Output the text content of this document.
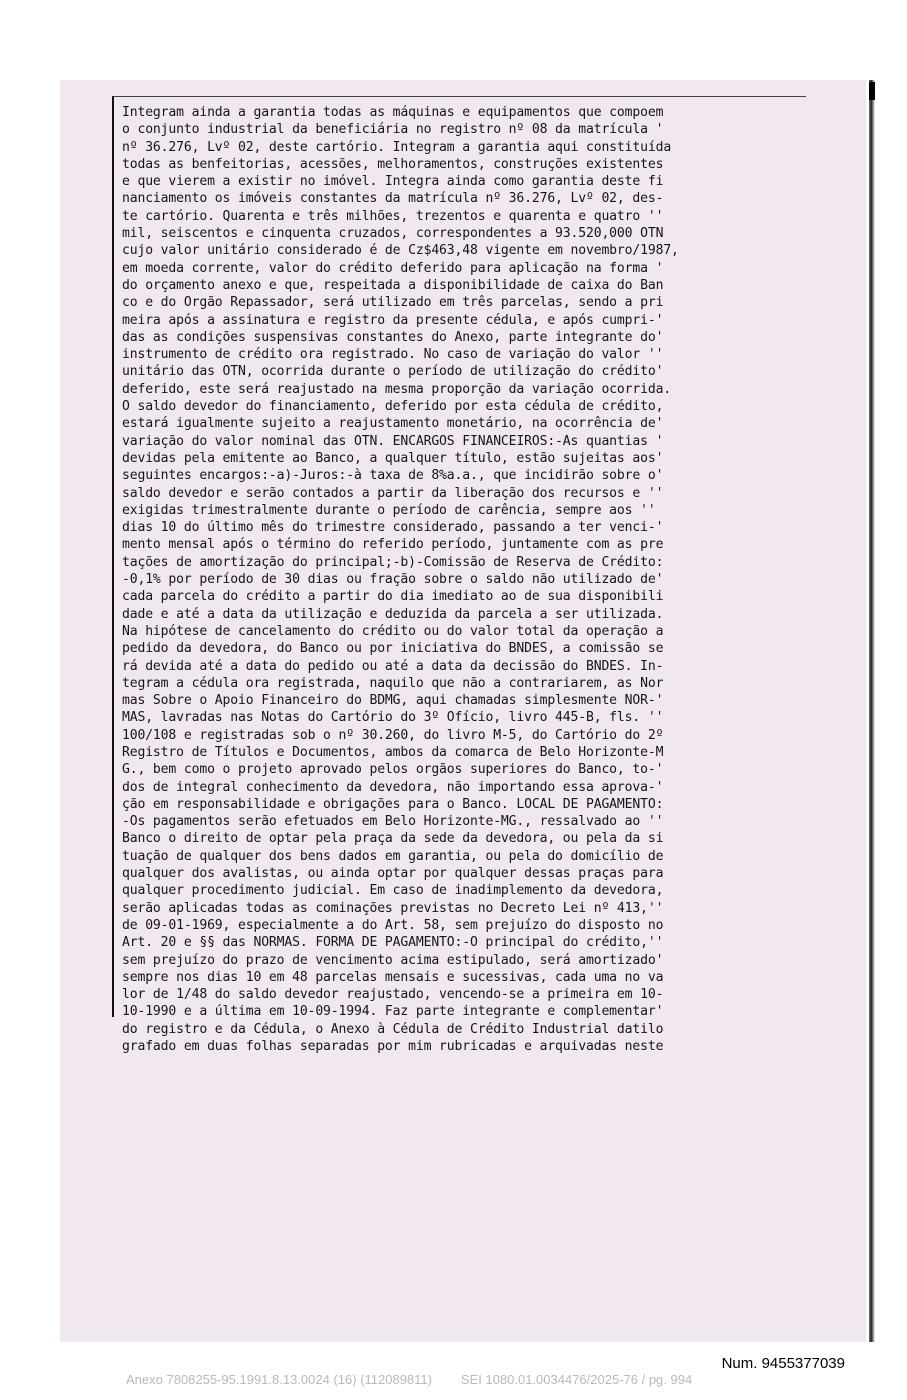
Integram ainda a garantia todas as máquinas e equipamentos que compoem
o conjunto industrial da beneficiária no registro nº 08 da matrícula '
nº 36.276, Lvº 02, deste cartório. Integram a garantia aqui constituída
todas as benfeitorias, acessões, melhoramentos, construções existentes
e que vierem a existir no imóvel. Integra ainda como garantia deste fi
nanciamento os imóveis constantes da matrícula nº 36.276, Lvº 02, des-
te cartório. Quarenta e três milhões, trezentos e quarenta e quatro ''
mil, seiscentos e cinquenta cruzados, correspondentes a 93.520,000 OTN
cujo valor unitário considerado é de Cz$463,48 vigente em novembro/1987,
em moeda corrente, valor do crédito deferido para aplicação na forma '
do orçamento anexo e que, respeitada a disponibilidade de caixa do Ban
co e do Orgão Repassador, será utilizado em três parcelas, sendo a pri
meira após a assinatura e registro da presente cédula, e após cumpri-'
das as condições suspensivas constantes do Anexo, parte integrante do'
instrumento de crédito ora registrado. No caso de variação do valor ''
unitário das OTN, ocorrida durante o período de utilização do crédito'
deferido, este será reajustado na mesma proporção da variação ocorrida.
O saldo devedor do financiamento, deferido por esta cédula de crédito,
estará igualmente sujeito a reajustamento monetário, na ocorrência de'
variação do valor nominal das OTN. ENCARGOS FINANCEIROS:-As quantias '
devidas pela emitente ao Banco, a qualquer título, estão sujeitas aos'
seguintes encargos:-a)-Juros:-à taxa de 8%a.a., que incidirão sobre o'
saldo devedor e serão contados a partir da liberação dos recursos e ''
exigidas trimestralmente durante o período de carência, sempre aos ''
dias 10 do último mês do trimestre considerado, passando a ter venci-'
mento mensal após o término do referido período, juntamente com as pre
tações de amortização do principal;-b)-Comissão de Reserva de Crédito:
-0,1% por período de 30 dias ou fração sobre o saldo não utilizado de'
cada parcela do crédito a partir do dia imediato ao de sua disponibili
dade e até a data da utilização e deduzida da parcela a ser utilizada.
Na hipótese de cancelamento do crédito ou do valor total da operação a
pedido da devedora, do Banco ou por iniciativa do BNDES, a comissão se
rá devida até a data do pedido ou até a data da decissão do BNDES. In-
tegram a cédula ora registrada, naquilo que não a contrariarem, as Nor
mas Sobre o Apoio Financeiro do BDMG, aqui chamadas simplesmente NOR-'
MAS, lavradas nas Notas do Cartório do 3º Ofício, livro 445-B, fls. ''
100/108 e registradas sob o nº 30.260, do livro M-5, do Cartório do 2º
Registro de Títulos e Documentos, ambos da comarca de Belo Horizonte-M
G., bem como o projeto aprovado pelos orgãos superiores do Banco, to-'
dos de integral conhecimento da devedora, não importando essa aprova-'
ção em responsabilidade e obrigações para o Banco. LOCAL DE PAGAMENTO:
-Os pagamentos serão efetuados em Belo Horizonte-MG., ressalvado ao ''
Banco o direito de optar pela praça da sede da devedora, ou pela da si
tuação de qualquer dos bens dados em garantia, ou pela do domicílio de
qualquer dos avalistas, ou ainda optar por qualquer dessas praças para
qualquer procedimento judicial. Em caso de inadimplemento da devedora,
serão aplicadas todas as cominações previstas no Decreto Lei nº 413,''
de 09-01-1969, especialmente a do Art. 58, sem prejuízo do disposto no
Art. 20 e §§ das NORMAS. FORMA DE PAGAMENTO:-O principal do crédito,''
sem prejuízo do prazo de vencimento acima estipulado, será amortizado'
sempre nos dias 10 em 48 parcelas mensais e sucessivas, cada uma no va
lor de 1/48 do saldo devedor reajustado, vencendo-se a primeira em 10-
10-1990 e a última em 10-09-1994. Faz parte integrante e complementar'
do registro e da Cédula, o Anexo à Cédula de Crédito Industrial datilo
grafado em duas folhas separadas por mim rubricadas e arquivadas neste
Num. 9455377039
Anexo 7808255-95.1991.8.13.0024 (16) (112089811)        SEI 1080.01.0034476/2025-76 / pg. 994
